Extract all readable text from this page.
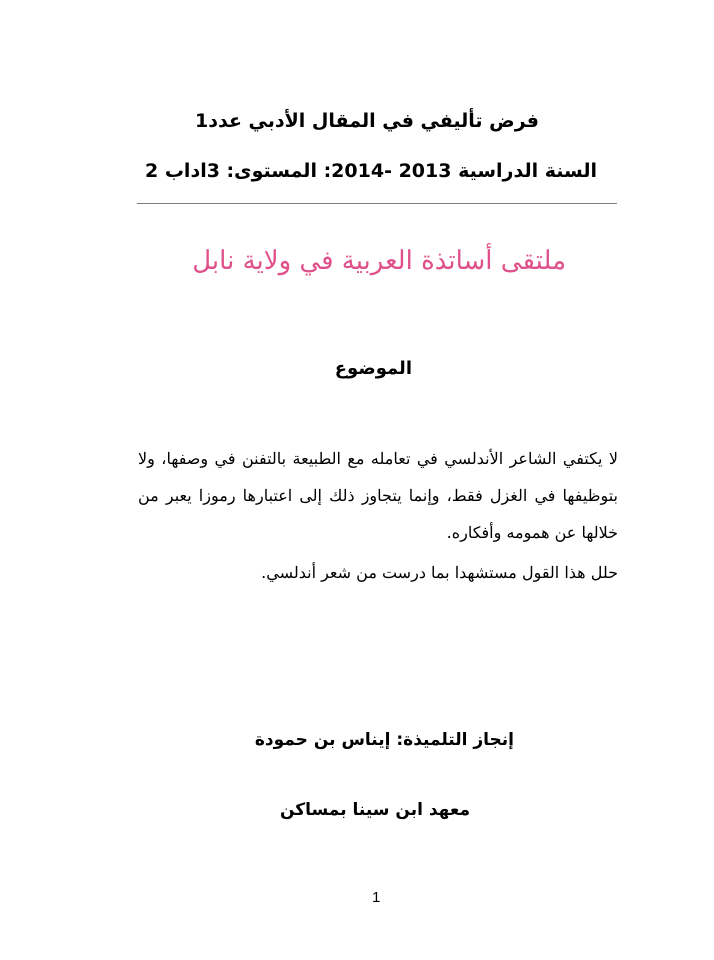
فرض تأليفي في المقال الأدبي عدد1
السنة الدراسية 2013 -2014: المستوى: 3اداب 2
ملتقى أساتذة العربية في ولاية نابل
الموضوع
لا يكتفي الشاعر الأندلسي في تعامله مع الطبيعة بالتفنن في وصفها، ولا بتوظيفها في الغزل فقط، وإنما يتجاوز ذلك إلى اعتبارها رموزا يعبر من خلالها عن همومه وأفكاره.
حلل هذا القول مستشهدا بما درست من شعر أندلسي.
إنجاز التلميذة: إيناس بن حمودة
معهد ابن سينا بمساكن
1
